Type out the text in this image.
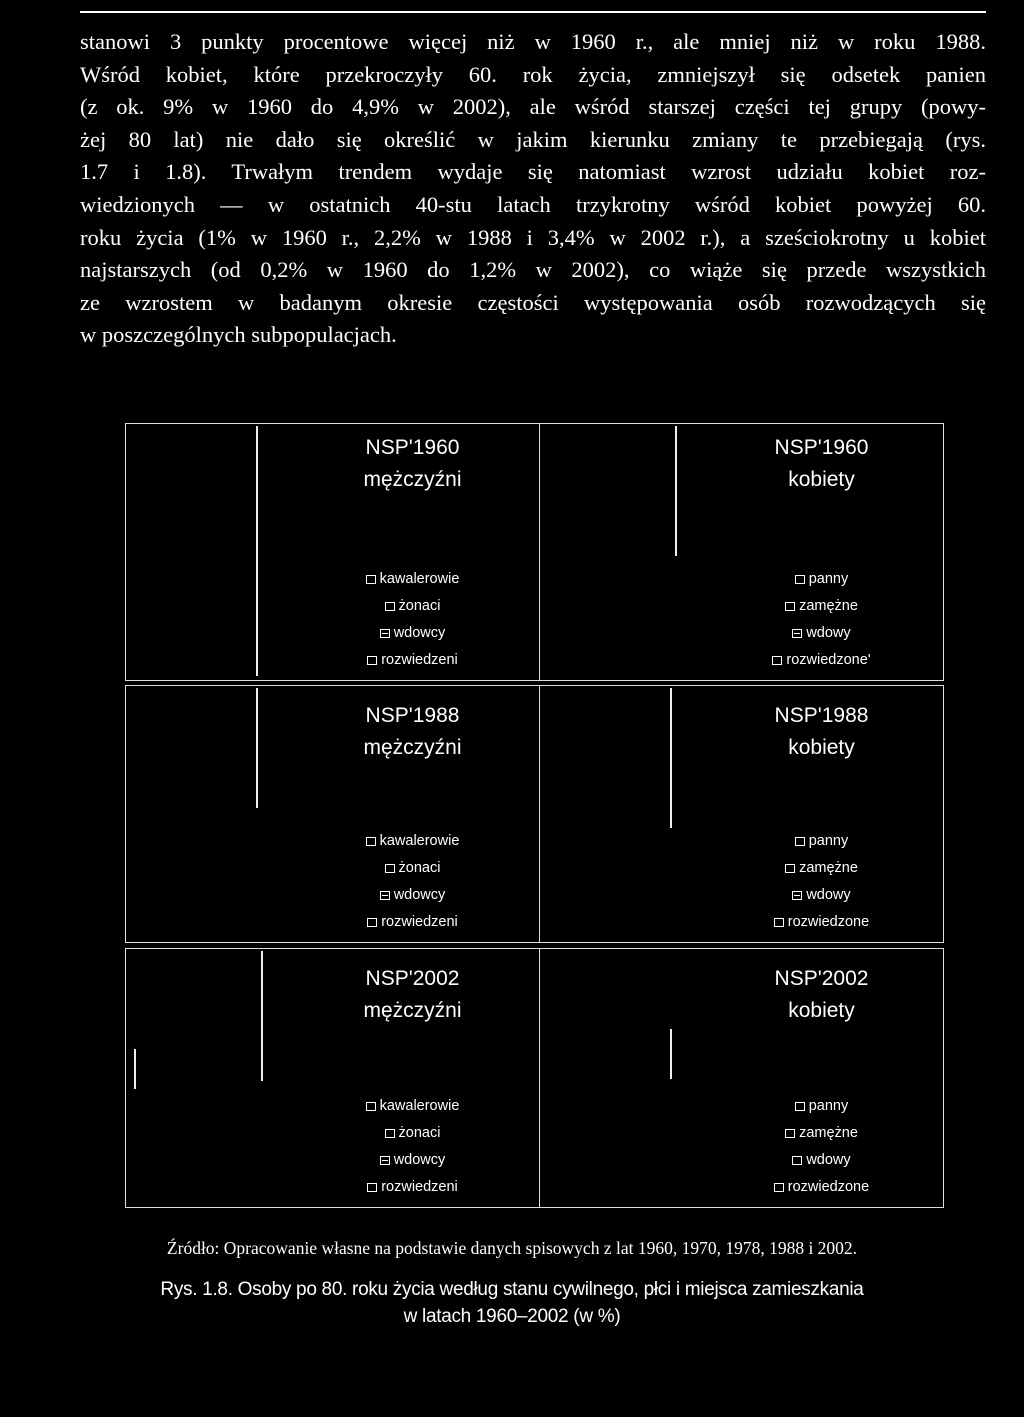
stanowi 3 punkty procentowe więcej niż w 1960 r., ale mniej niż w roku 1988.
Wśród kobiet, które przekroczyły 60. rok życia, zmniejszył się odsetek panien
(z ok. 9% w 1960 do 4,9% w 2002), ale wśród starszej części tej grupy (powy-
żej 80 lat) nie dało się określić w jakim kierunku zmiany te przebiegają (rys.
1.7 i 1.8). Trwałym trendem wydaje się natomiast wzrost udziału kobiet roz-
wiedzionych — w ostatnich 40-stu latach trzykrotny wśród kobiet powyżej 60.
roku życia (1% w 1960 r., 2,2% w 1988 i 3,4% w 2002 r.), a sześciokrotny u kobiet
najstarszych (od 0,2% w 1960 do 1,2% w 2002), co wiąże się przede wszystkich
ze wzrostem w badanym okresie częstości występowania osób rozwodzących się
w poszczególnych subpopulacjach.

NSP'1960
mężczyźni
kawalerowie
żonaci
wdowcy
rozwiedzeni
NSP'1960
kobiety
panny
zamężne
wdowy
rozwiedzone'
NSP'1988
mężczyźni
kawalerowie
żonaci
wdowcy
rozwiedzeni
NSP'1988
kobiety
panny
zamężne
wdowy
rozwiedzone
NSP'2002
mężczyźni
kawalerowie
żonaci
wdowcy
rozwiedzeni
NSP'2002
kobiety
panny
zamężne
wdowy
rozwiedzone
Źródło: Opracowanie własne na podstawie danych spisowych z lat 1960, 1970, 1978, 1988 i 2002.
Rys. 1.8. Osoby po 80. roku życia według stanu cywilnego, płci i miejsca zamieszkania
w latach 1960–2002 (w %)
